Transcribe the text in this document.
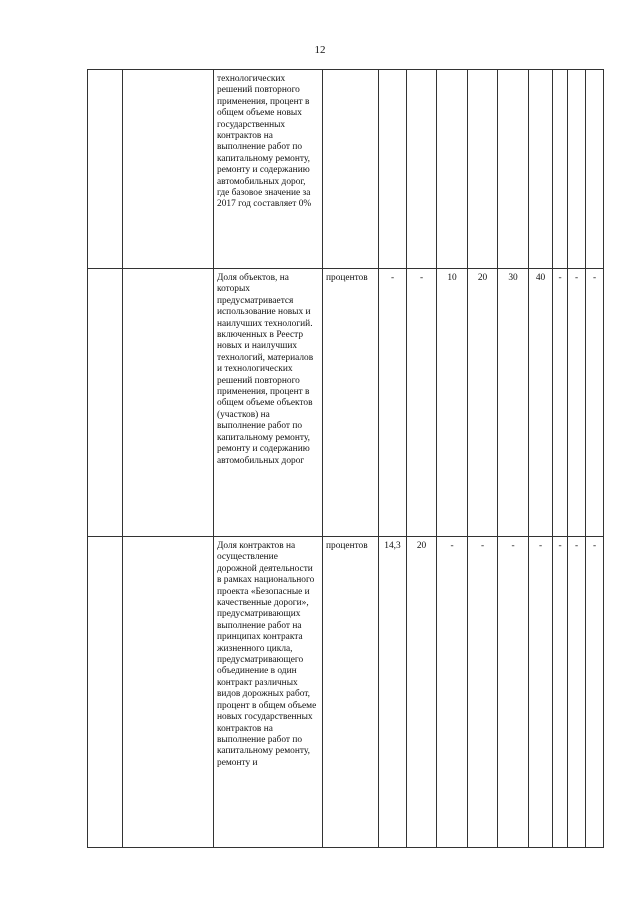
12
		технологических решений повторного применения, процент в общем объеме новых государственных контрактов на выполнение работ по капитальному ремонту, ремонту и содержанию автомобильных дорог, где базовое значение за 2017 год составляет 0%										
		Доля объектов, на которых предусматривается использование новых и наилучших технологий. включенных в Реестр новых и наилучших технологий, материалов и технологических решений повторного применения, процент в общем объеме объектов (участков) на выполнение работ по капитальному ремонту, ремонту и содержанию автомобильных дорог	процентов	-	-	10	20	30	40	-	-	-
		Доля контрактов на осуществление дорожной деятельности в рамках национального проекта «Безопасные и качественные дороги», предусматривающих выполнение работ на принципах контракта жизненного цикла, предусматривающего объединение в один контракт различных видов дорожных работ, процент в общем объеме новых государственных контрактов на выполнение работ по капитальному ремонту, ремонту и	процентов	14,3	20	-	-	-	-	-	-	-
